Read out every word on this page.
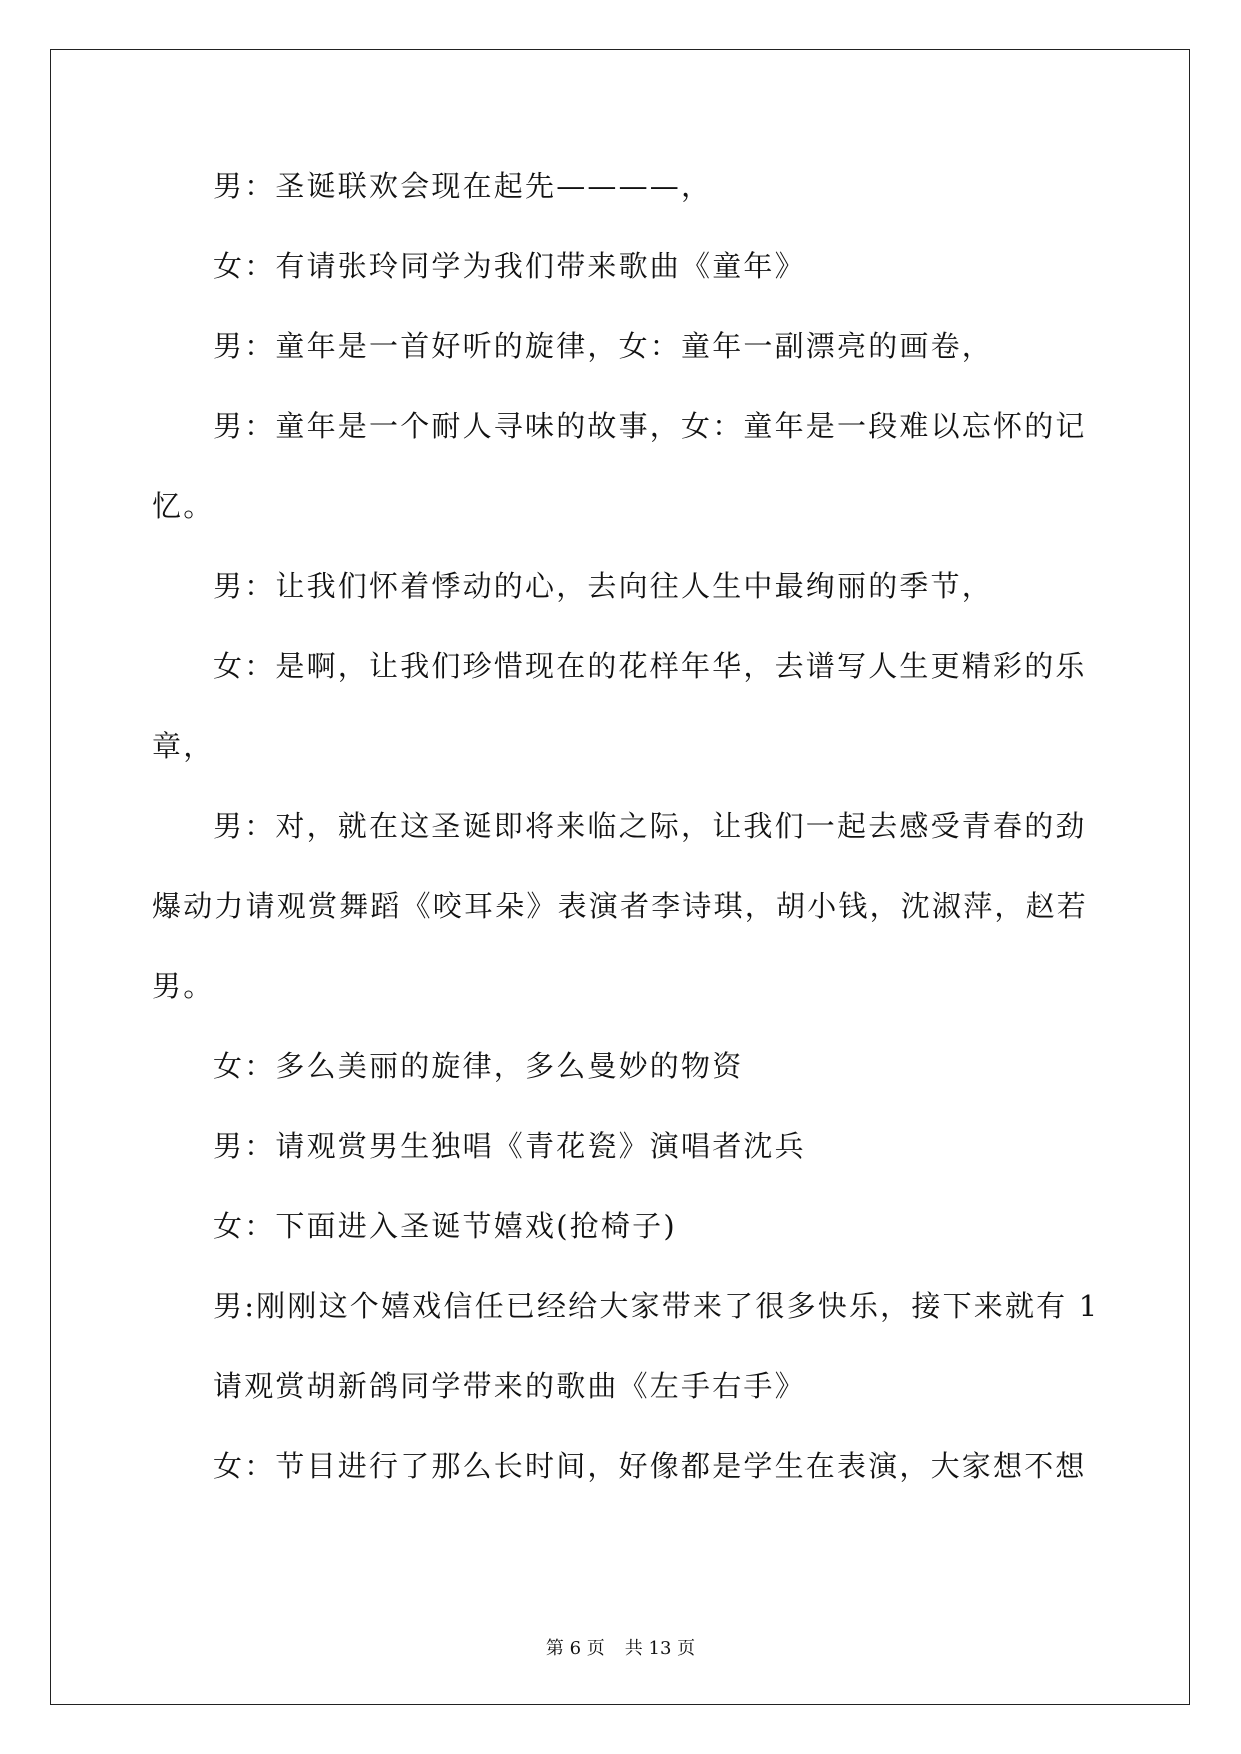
男：圣诞联欢会现在起先————，
女：有请张玲同学为我们带来歌曲《童年》
男：童年是一首好听的旋律，女：童年一副漂亮的画卷，
男：童年是一个耐人寻味的故事，女：童年是一段难以忘怀的记
忆。
男：让我们怀着悸动的心，去向往人生中最绚丽的季节，
女：是啊，让我们珍惜现在的花样年华，去谱写人生更精彩的乐
章，
男：对，就在这圣诞即将来临之际，让我们一起去感受青春的劲
爆动力请观赏舞蹈《咬耳朵》表演者李诗琪，胡小钱，沈淑萍，赵若
男。
女：多么美丽的旋律，多么曼妙的物资
男：请观赏男生独唱《青花瓷》演唱者沈兵
女：下面进入圣诞节嬉戏(抢椅子)
男:刚刚这个嬉戏信任已经给大家带来了很多快乐，接下来就有 1
请观赏胡新鸽同学带来的歌曲《左手右手》
女：节目进行了那么长时间，好像都是学生在表演，大家想不想
第 6 页 共 13 页
